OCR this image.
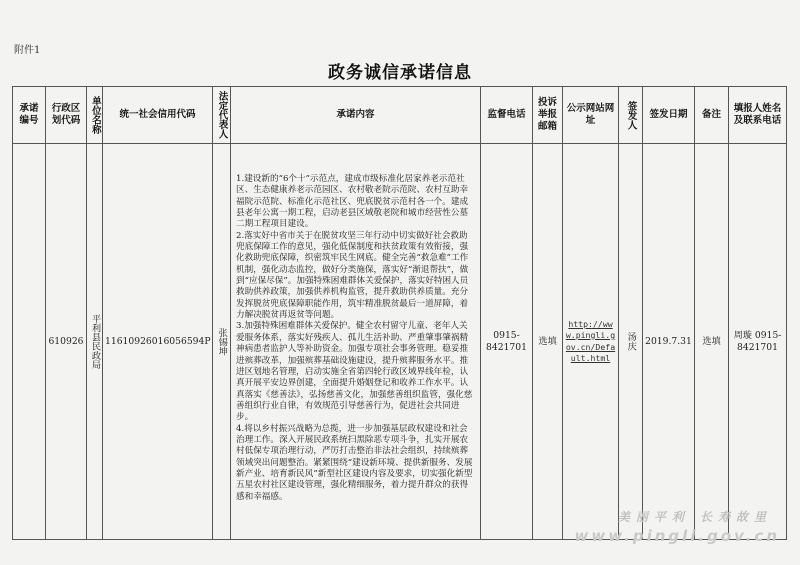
附件1
政务诚信承诺信息
承诺编号	行政区划代码	单位名称	统一社会信用代码	法定代表人	承诺内容	监督电话	投诉举报邮箱	公示网站网址	签发人	签发日期	备注	填报人姓名及联系电话
	610926	平利县民政局	11610926016056594P	张锡坤	1.建设新的“6个十”示范点，建成市级标准化居家养老示范社区、生态健康养老示范园区、农村敬老院示范院、农村互助幸福院示范院、标准化示范社区、兜底脱贫示范村各一个。建成县老年公寓一期工程，启动老县区域敬老院和城市经营性公墓二期工程项目建设。

2.落实好中省市关于在脱贫攻坚三年行动中切实做好社会救助兜底保障工作的意见，强化低保制度和扶贫政策有效衔接，强化救助兜底保障，织密筑牢民生网底。健全完善“救急难”工作机制，强化动态监控，做好分类施保，落实好“渐退帮扶”，做到“应保尽保”。加强特殊困难群体关爱保护，落实好特困人员救助供养政策，加强供养机构监管，提升救助供养质量。充分发挥脱贫兜底保障职能作用，筑牢精准脱贫最后一道屏障，着力解决脱贫再返贫等问题。

3.加强特殊困难群体关爱保护。健全农村留守儿童、老年人关爱服务体系，落实好残疾人、孤儿生活补助、严重肇事肇祸精神病患者监护人等补助资金。加强专项社会事务管理。稳妥推进殡葬改革，加强殡葬基础设施建设，提升殡葬服务水平。推进区划地名管理，启动实施全省第四轮行政区域界线年检，认真开展平安边界创建，全面提升婚姻登记和收养工作水平。认真落实《慈善法》，弘扬慈善文化，加强慈善组织监管，强化慈善组织行业自律，有效规范引导慈善行为，促进社会共同进步。

4.将以乡村振兴战略为总揽，进一步加强基层政权建设和社会治理工作。深入开展民政系统扫黑除恶专项斗争，扎实开展农村低保专项治理行动，严厉打击整治非法社会组织，持续殡葬领域突出问题整治。紧紧围绕“建设新环境、提供新服务、发展新产业、培育新民风”新型社区建设内容及要求，切实强化新型五星农村社区建设管理，强化精细服务，着力提升群众的获得感和幸福感。	0915-8421701	选填	http://www.pingli.gov.cn/Default.html	汤庆	2019.7.31	选填	周璇 0915-8421701
美丽平利 长寿故里
www.pingli.gov.cn
